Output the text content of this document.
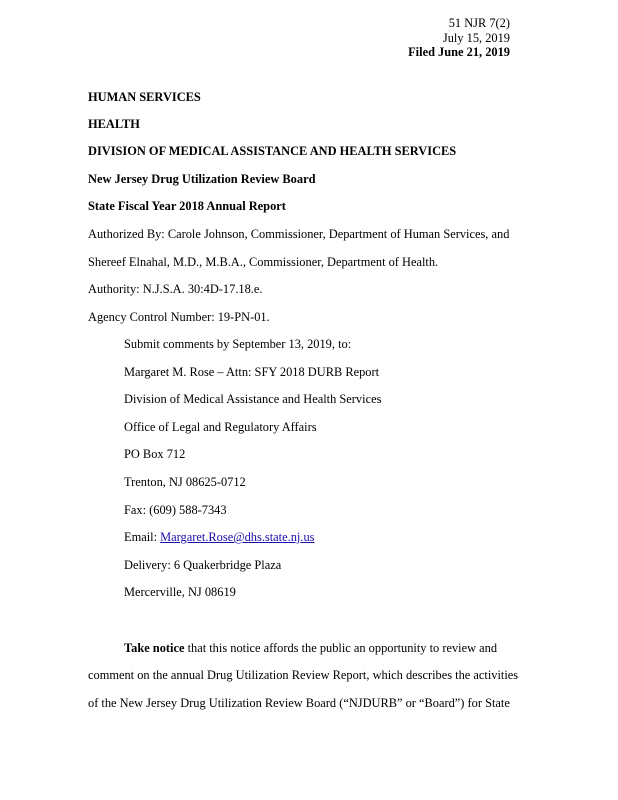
51 NJR 7(2)
July 15, 2019
Filed June 21, 2019
HUMAN SERVICES
HEALTH
DIVISION OF MEDICAL ASSISTANCE AND HEALTH SERVICES
New Jersey Drug Utilization Review Board
State Fiscal Year 2018 Annual Report
Authorized By: Carole Johnson, Commissioner, Department of Human Services, and
Shereef Elnahal, M.D., M.B.A., Commissioner, Department of Health.
Authority: N.J.S.A. 30:4D-17.18.e.
Agency Control Number: 19-PN-01.
Submit comments by September 13, 2019, to:
Margaret M. Rose – Attn: SFY 2018 DURB Report
Division of Medical Assistance and Health Services
Office of Legal and Regulatory Affairs
PO Box 712
Trenton, NJ 08625-0712
Fax: (609) 588-7343
Email: Margaret.Rose@dhs.state.nj.us
Delivery: 6 Quakerbridge Plaza
Mercerville, NJ 08619
Take notice that this notice affords the public an opportunity to review and
comment on the annual Drug Utilization Review Report, which describes the activities
of the New Jersey Drug Utilization Review Board (“NJDURB” or “Board”) for State
